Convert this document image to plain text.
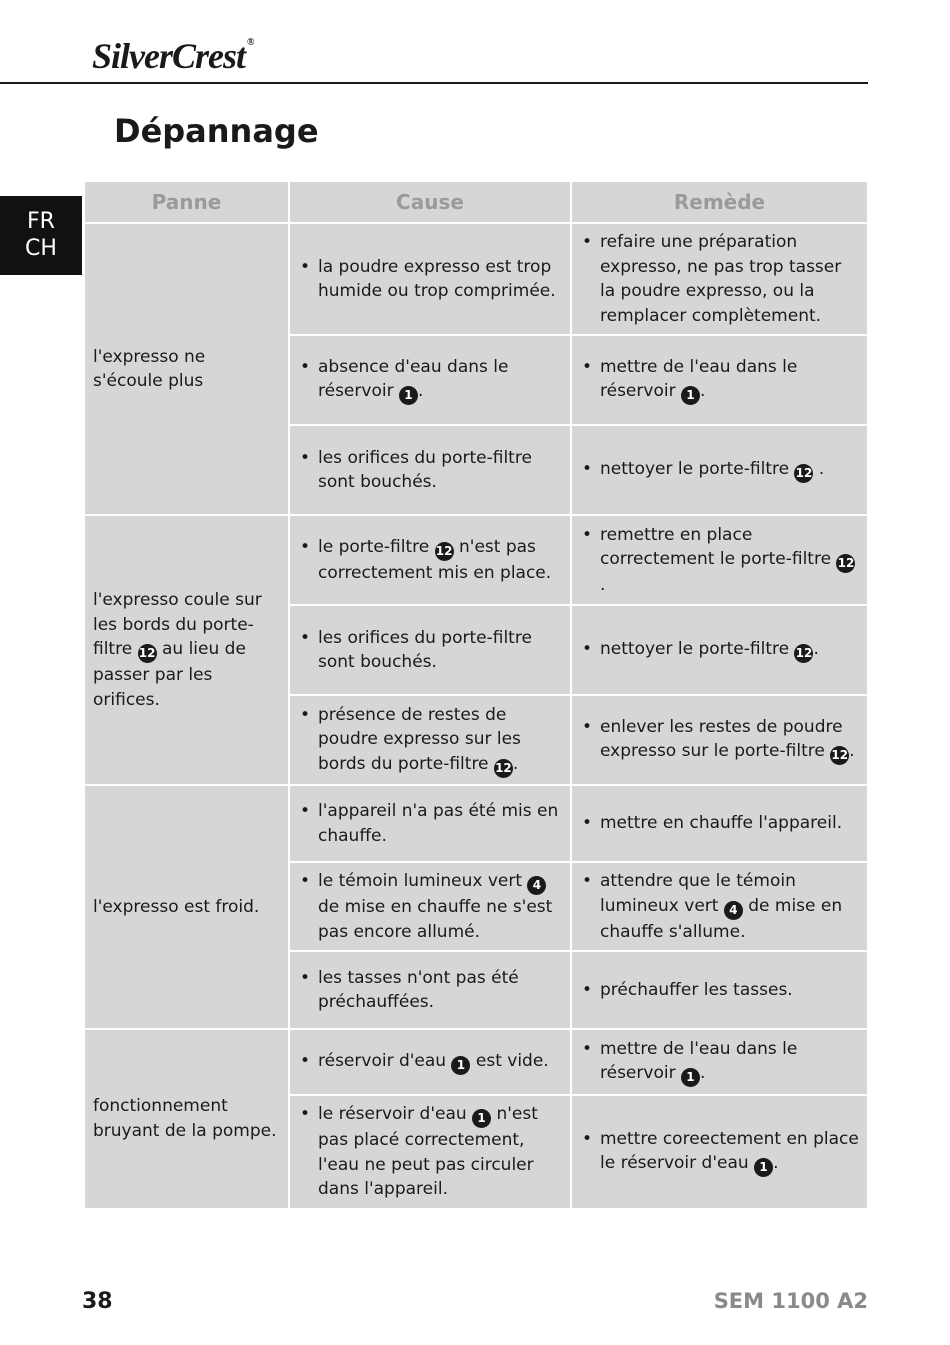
SilverCrest ®
Dépannage
FR
CH
Panne	Cause	Remède
l'expresso ne s'écoule plus	• la poudre expresso est trop humide ou trop comprimée.	• refaire une préparation expresso, ne pas trop tasser la poudre expresso, ou la remplacer complètement.

	• absence d'eau dans le réservoir 1 .	• mettre de l'eau dans le réservoir 1 .

	• les orifices du porte-filtre sont bouchés.	• nettoyer le porte-filtre 12 .

l'expresso coule sur les bords du porte-filtre 12 au lieu de passer par les orifices.	• le porte-filtre 12 n'est pas correctement mis en place.	• remettre en place correctement le porte-filtre 12.

	• les orifices du porte-filtre sont bouchés.	• nettoyer le porte-filtre 12.

	• présence de restes de poudre expresso sur les bords du porte-filtre 12.	• enlever les restes de poudre expresso sur le porte-filtre 12.

l'expresso est froid.	• l'appareil n'a pas été mis en chauffe.	• mettre en chauffe l'appareil.

	• le témoin lumineux vert 4 de mise en chauffe ne s'est pas encore allumé.	• attendre que le témoin lumineux vert 4 de mise en chauffe s'allume.

	• les tasses n'ont pas été préchauffées.	• préchauffer les tasses.

fonctionnement bruyant de la pompe.	• réservoir d'eau 1 est vide.	• mettre de l'eau dans le réservoir 1 .

	• le réservoir d'eau 1 n'est pas placé correctement, l'eau ne peut pas circuler dans l'appareil.	• mettre coreectement en place le réservoir d'eau 1 .
38	SEM 1100 A2
